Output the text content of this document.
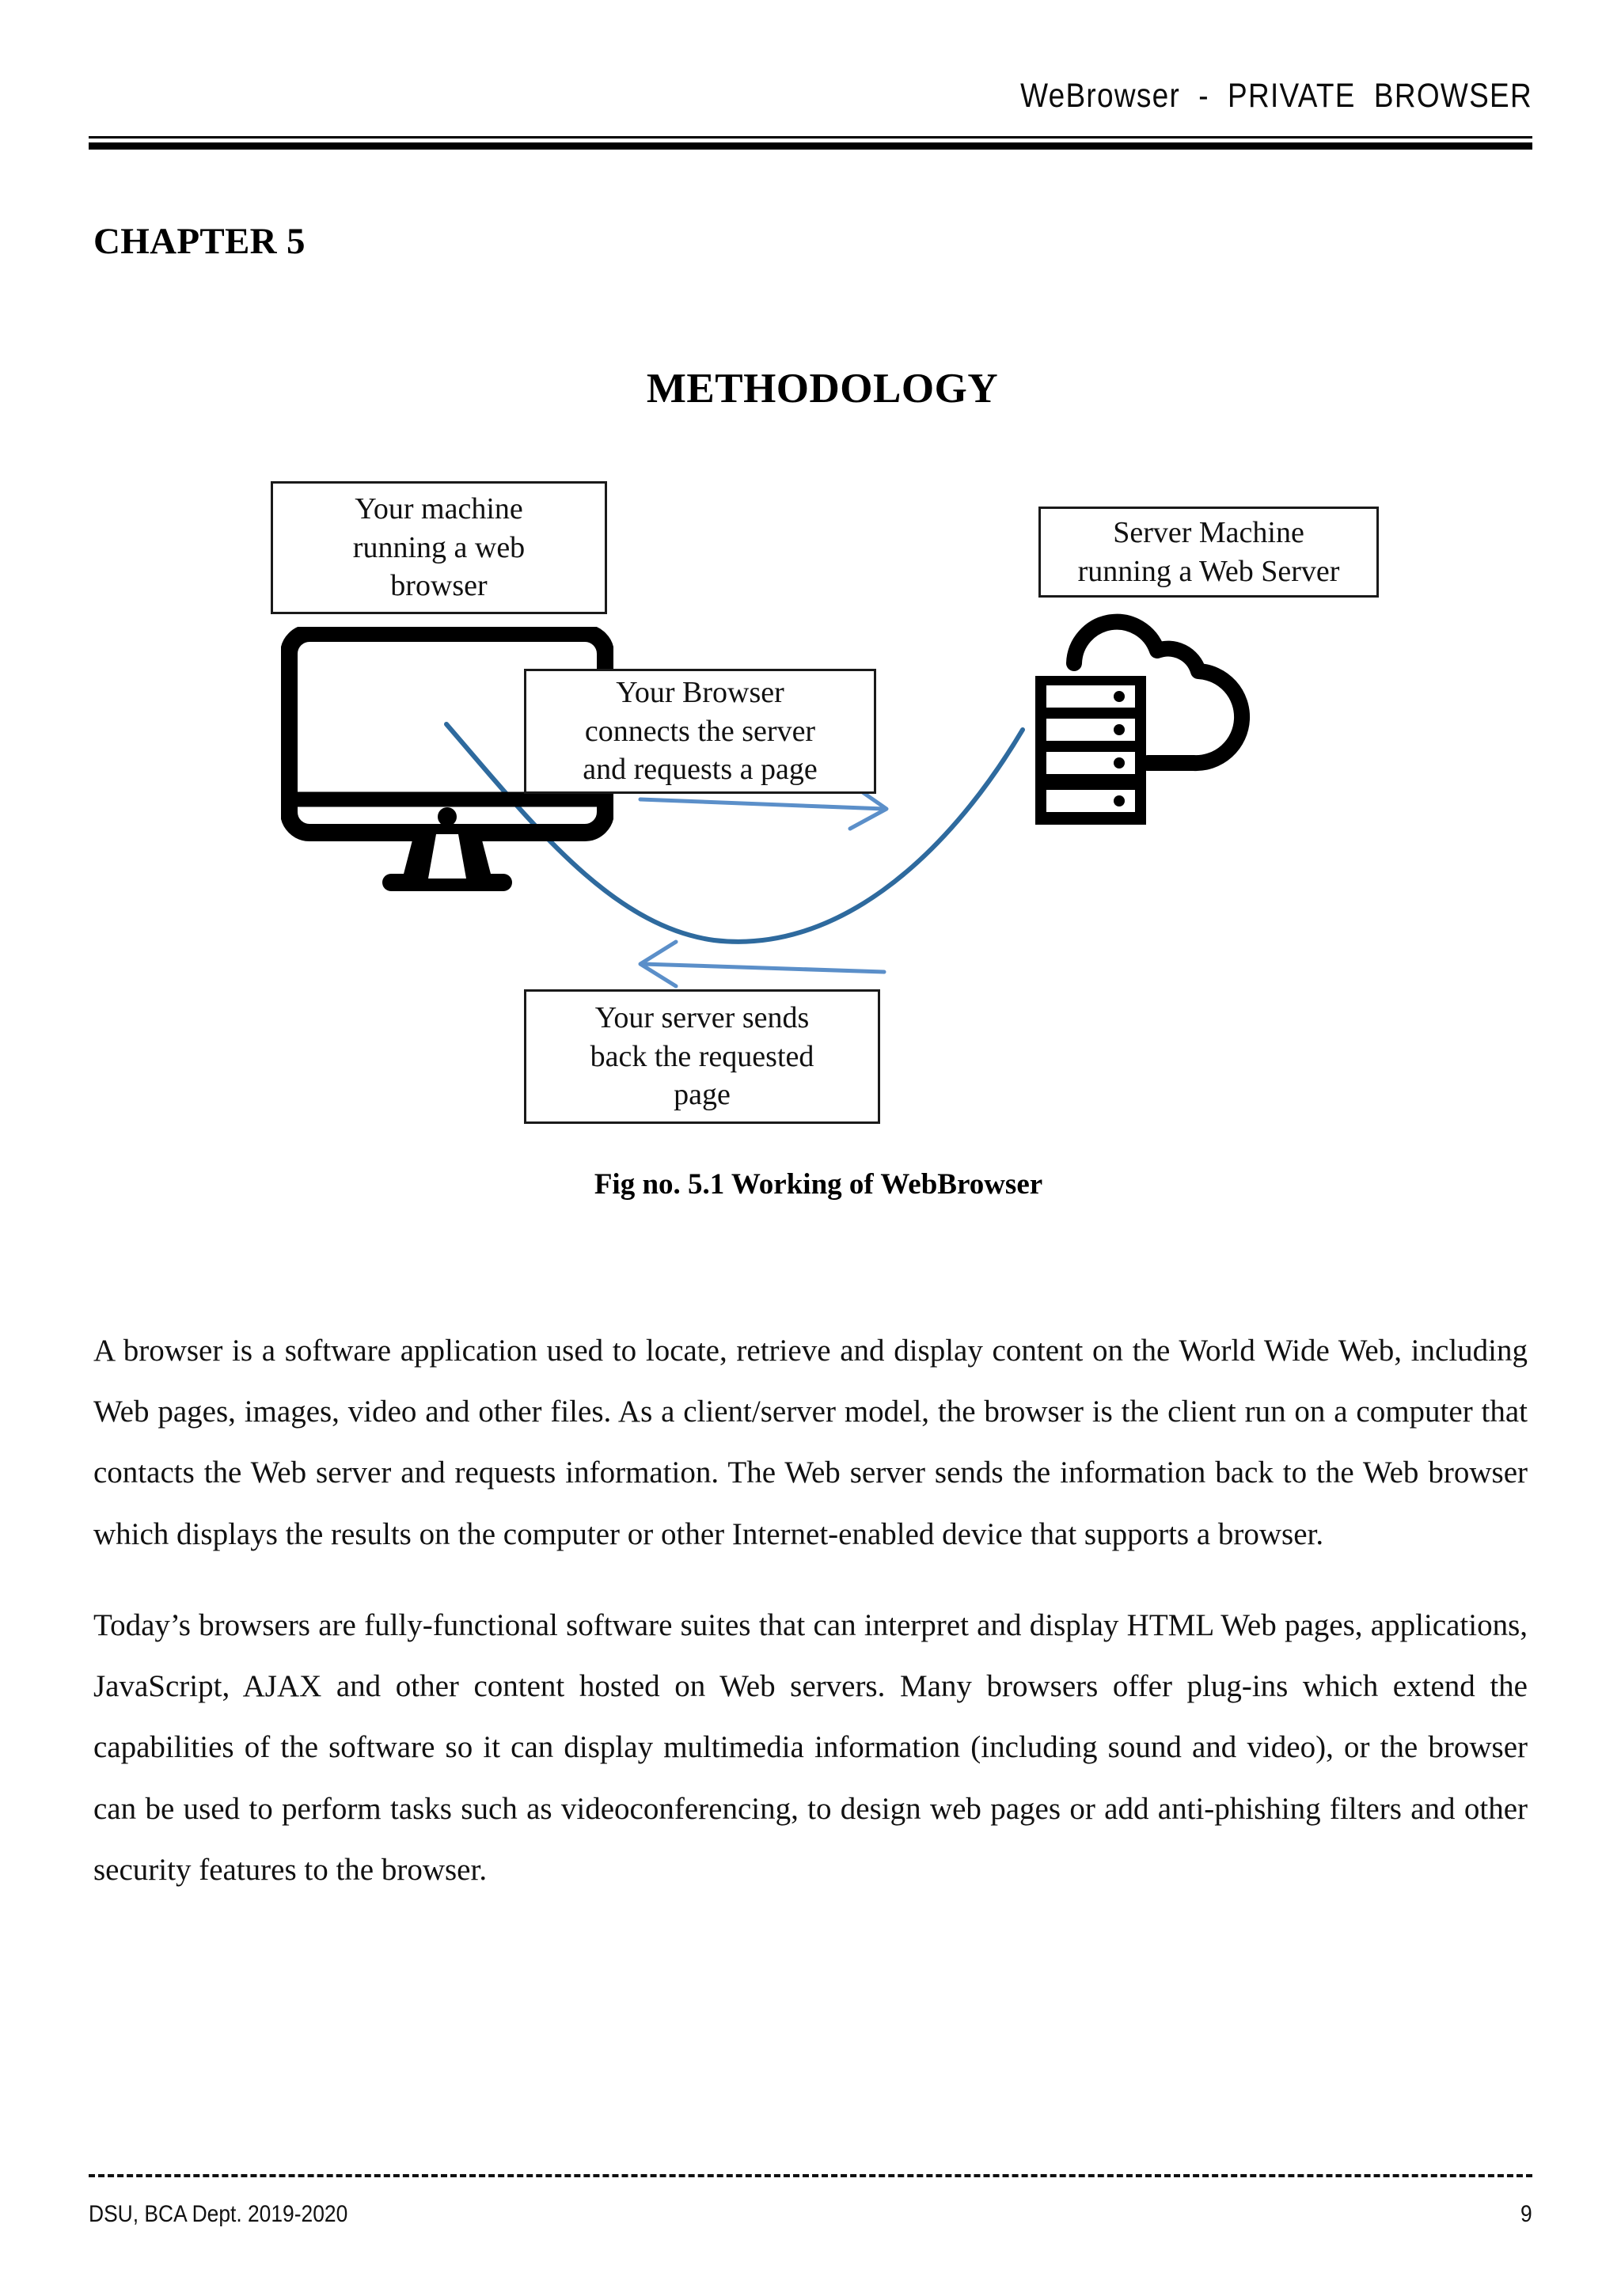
WeBrowser  -  PRIVATE  BROWSER
CHAPTER 5
METHODOLOGY
Your machine
running a web
browser
Server Machine
running a Web Server
Your Browser
connects the server
and requests a page
Your server sends
back the requested
page
Fig no. 5.1 Working of WebBrowser

A browser is a software application used to locate, retrieve and display content on the World Wide Web, including Web pages, images, video and other files. As a client/server model, the browser is the client run on a computer that contacts the Web server and requests information. The Web server sends the information back to the Web browser which displays the results on the computer or other Internet-enabled device that supports a browser.

Today’s browsers are fully-functional software suites that can interpret and display HTML Web pages, applications, JavaScript, AJAX and other content hosted on Web servers. Many browsers offer plug-ins which extend the capabilities of the software so it can display multimedia information (including sound and video), or the browser can be used to perform tasks such as videoconferencing, to design web pages or add anti-phishing filters and other security features to the browser.

DSU, BCA Dept. 2019-2020	9
